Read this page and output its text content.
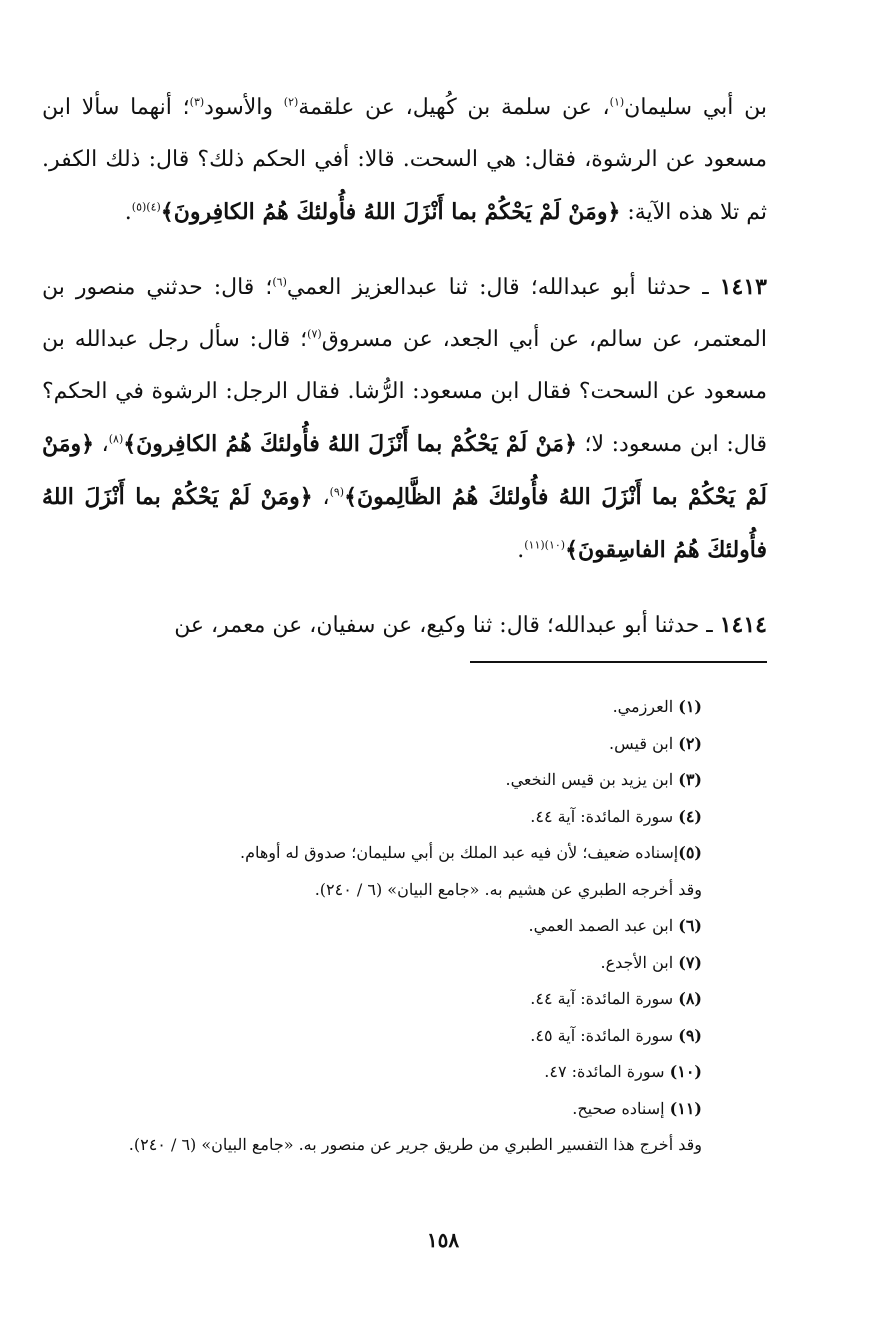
بن أبي سليمان$^{(١)}$، عن سلمة بن كُهيل، عن علقمة$^{(٢)}$ والأسود$^{(٣)}$؛ أنهما سألا ابن مسعود عن الرشوة، فقال: هي السحت. قالا: أفي الحكم ذلك؟ قال: ذلك الكفر. ثم تلا هذه الآية: ﴿ومَنْ لَمْ يَحْكُمْ بما أَنْزَلَ اللهُ فأُولئكَ هُمُ الكافِرونَ﴾$^{(٤)(٥)}$.

١٤١٣ ـ حدثنا أبو عبدالله؛ قال: ثنا عبدالعزيز العمي$^{(٦)}$؛ قال: حدثني منصور بن المعتمر، عن سالم، عن أبي الجعد، عن مسروق$^{(٧)}$؛ قال: سأل رجل عبدالله بن مسعود عن السحت؟ فقال ابن مسعود: الرُّشا. فقال الرجل: الرشوة في الحكم؟ قال: ابن مسعود: لا؛ ﴿مَنْ لَمْ يَحْكُمْ بما أَنْزَلَ اللهُ فأُولئكَ هُمُ الكافِرونَ﴾$^{(٨)}$، ﴿ومَنْ لَمْ يَحْكُمْ بما أَنْزَلَ اللهُ فأُولئكَ هُمُ الظَّالِمونَ﴾$^{(٩)}$، ﴿ومَنْ لَمْ يَحْكُمْ بما أَنْزَلَ اللهُ فأُولئكَ هُمُ الفاسِقونَ﴾$^{(١٠)(١١)}$.

١٤١٤ ـ حدثنا أبو عبدالله؛ قال: ثنا وكيع، عن سفيان، عن معمر، عن

(١) العرزمي.
(٢) ابن قيس.
(٣) ابن يزيد بن قيس النخعي.
(٤) سورة المائدة: آية ٤٤.
(٥)إسناده ضعيف؛ لأن فيه عبد الملك بن أبي سليمان؛ صدوق له أوهام.
وقد أخرجه الطبري عن هشيم به. «جامع البيان» (٦ / ٢٤٠).
(٦) ابن عبد الصمد العمي.
(٧) ابن الأجدع.
(٨) سورة المائدة: آية ٤٤.
(٩) سورة المائدة: آية ٤٥.
(١٠) سورة المائدة: ٤٧.
(١١) إسناده صحيح.
وقد أخرج هذا التفسير الطبري من طريق جرير عن منصور به. «جامع البيان» (٦ / ٢٤٠).
١٥٨
